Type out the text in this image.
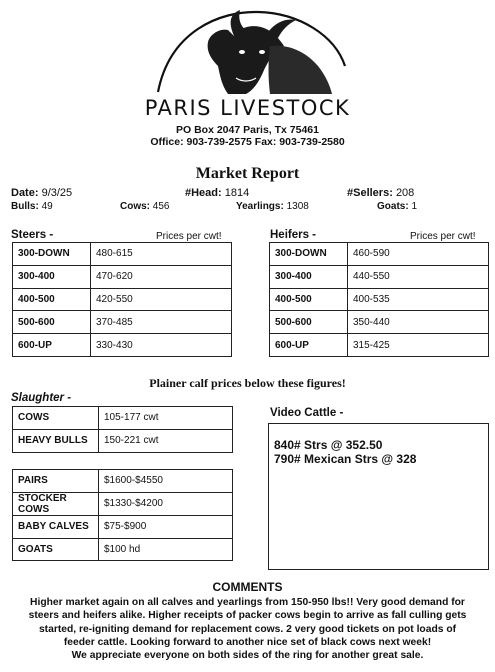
PARIS LIVESTOCK
PO Box 2047 Paris, Tx 75461
Office: 903-739-2575 Fax: 903-739-2580
Market Report
Date: 9/3/25	#Head: 1814	#Sellers: 208
Bulls: 49	Cows: 456	Yearlings: 1308	Goats: 1
Steers -	Prices per cwt!
300-DOWN	480-615
300-400	470-620
400-500	420-550
500-600	370-485
600-UP	330-430
Heifers -	Prices per cwt!
300-DOWN	460-590
300-400	440-550
400-500	400-535
500-600	350-440
600-UP	315-425
Plainer calf prices below these figures!
Slaughter -
COWS	105-177 cwt
HEAVY BULLS	150-221 cwt
PAIRS	$1600-$4550
STOCKER COWS	$1330-$4200
BABY CALVES	$75-$900
GOATS	$100 hd
Video Cattle -
840# Strs @ 352.50
790# Mexican Strs @ 328
COMMENTS
Higher market again on all calves and yearlings from 150-950 lbs!! Very good demand for
steers and heifers alike. Higher receipts of packer cows begin to arrive as fall culling gets
started, re-igniting demand for replacement cows. 2 very good tickets on pot loads of
feeder cattle. Looking forward to another nice set of black cows next week!
We appreciate everyone on both sides of the ring for another great sale.
